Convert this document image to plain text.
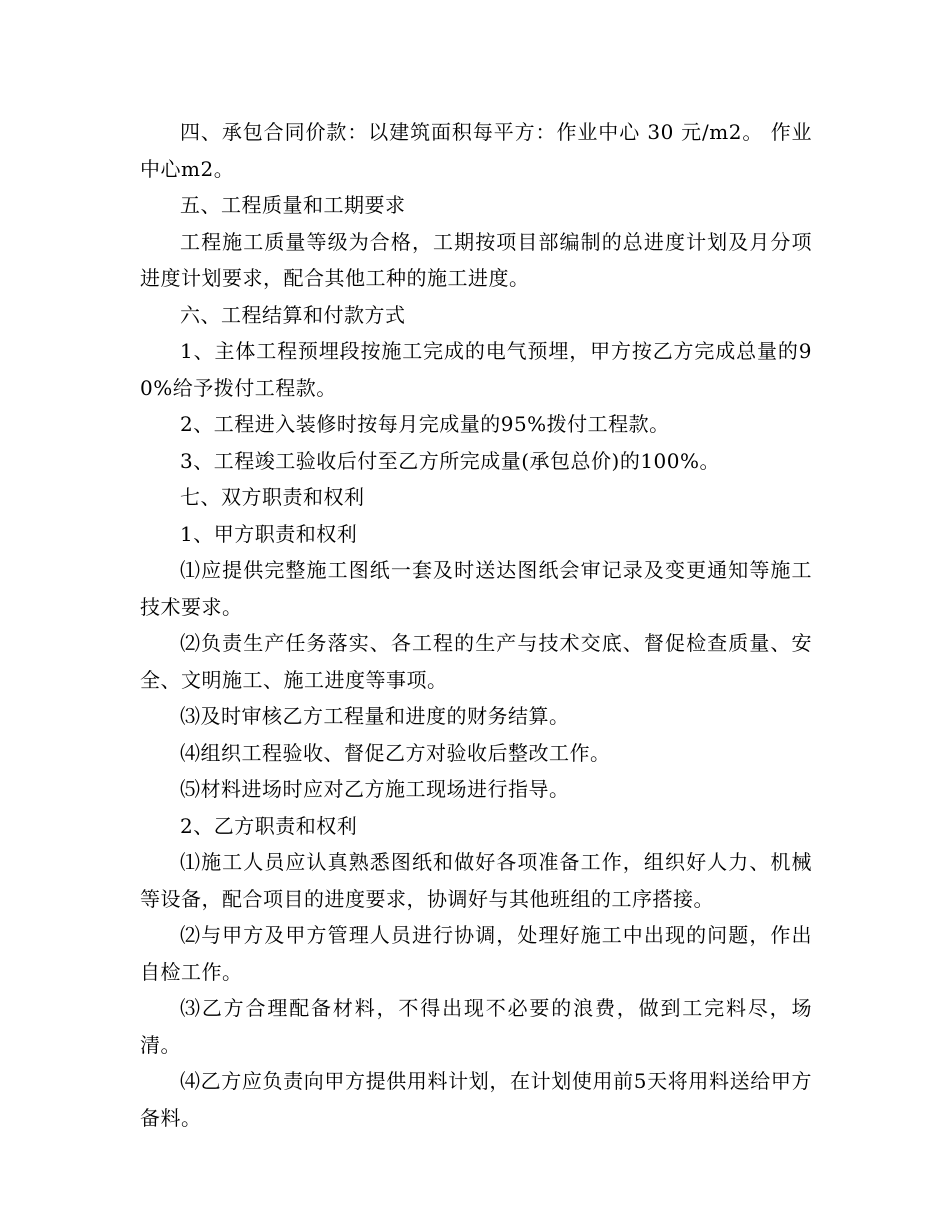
四、承包合同价款：以建筑面积每平方：作业中心 30 元/m2。 作业中心m2。

五、工程质量和工期要求

工程施工质量等级为合格，工期按项目部编制的总进度计划及月分项进度计划要求，配合其他工种的施工进度。

六、工程结算和付款方式

1、主体工程预埋段按施工完成的电气预埋，甲方按乙方完成总量的90%给予拨付工程款。

2、工程进入装修时按每月完成量的95%拨付工程款。

3、工程竣工验收后付至乙方所完成量(承包总价)的100%。

七、双方职责和权利

1、甲方职责和权利

⑴应提供完整施工图纸一套及时送达图纸会审记录及变更通知等施工技术要求。

⑵负责生产任务落实、各工程的生产与技术交底、督促检查质量、安全、文明施工、施工进度等事项。

⑶及时审核乙方工程量和进度的财务结算。

⑷组织工程验收、督促乙方对验收后整改工作。

⑸材料进场时应对乙方施工现场进行指导。

2、乙方职责和权利

⑴施工人员应认真熟悉图纸和做好各项准备工作，组织好人力、机械等设备，配合项目的进度要求，协调好与其他班组的工序搭接。

⑵与甲方及甲方管理人员进行协调，处理好施工中出现的问题，作出自检工作。

⑶乙方合理配备材料，不得出现不必要的浪费，做到工完料尽，场清。

⑷乙方应负责向甲方提供用料计划，在计划使用前5天将用料送给甲方备料。
